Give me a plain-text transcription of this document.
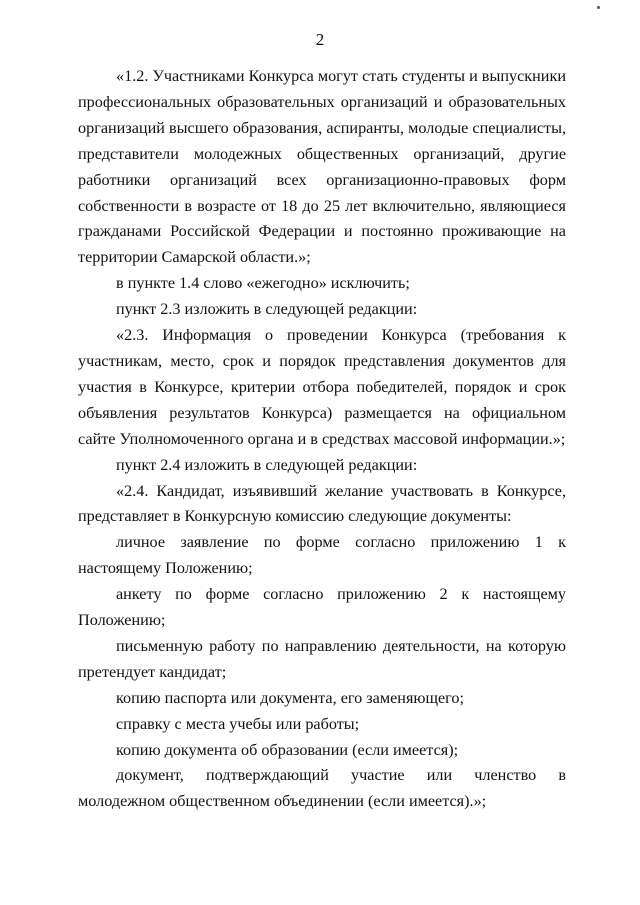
2

«1.2. Участниками Конкурса могут стать студенты и выпускники профессиональных образовательных организаций и образовательных организаций высшего образования, аспиранты, молодые специалисты, представители молодежных общественных организаций, другие работники организаций всех организационно-правовых форм собственности в возрасте от 18 до 25 лет включительно, являющиеся гражданами Российской Федерации и постоянно проживающие на территории Самарской области.»;

в пункте 1.4 слово «ежегодно» исключить;

пункт 2.3 изложить в следующей редакции:

«2.3. Информация о проведении Конкурса (требования к участникам, место, срок и порядок представления документов для участия в Конкурсе, критерии отбора победителей, порядок и срок объявления результатов Конкурса) размещается на официальном сайте Уполномоченного органа и в средствах массовой информации.»;

пункт 2.4 изложить в следующей редакции:

«2.4. Кандидат, изъявивший желание участвовать в Конкурсе, представляет в Конкурсную комиссию следующие документы:

личное заявление по форме согласно приложению 1 к настоящему Положению;

анкету по форме согласно приложению 2 к настоящему Положению;

письменную работу по направлению деятельности, на которую претендует кандидат;

копию паспорта или документа, его заменяющего;

справку с места учебы или работы;

копию документа об образовании (если имеется);

документ, подтверждающий участие или членство в молодежном общественном объединении (если имеется).»;
